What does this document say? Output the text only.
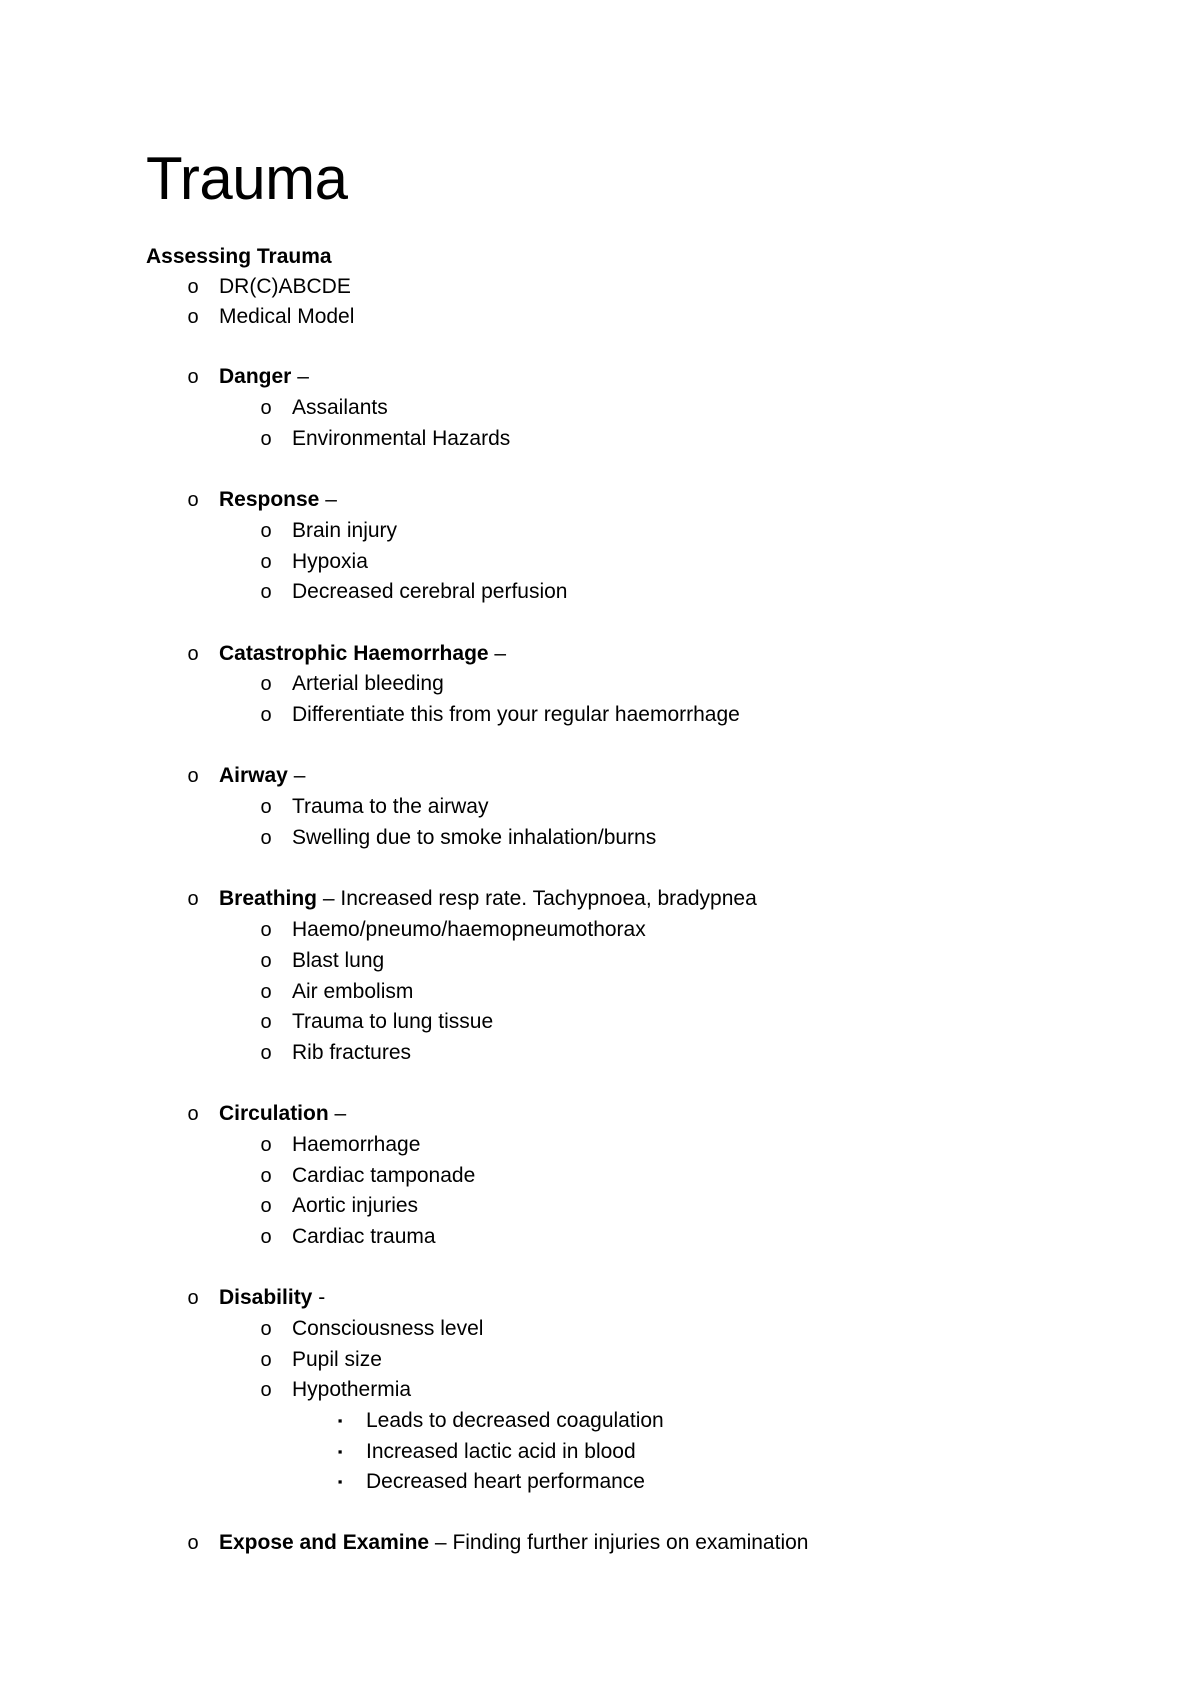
Trauma
Assessing Trauma
o DR(C)ABCDE
o Medical Model
o Danger –
o Assailants
o Environmental Hazards
o Response –
o Brain injury
o Hypoxia
o Decreased cerebral perfusion
o Catastrophic Haemorrhage –
o Arterial bleeding
o Differentiate this from your regular haemorrhage
o Airway –
o Trauma to the airway
o Swelling due to smoke inhalation/burns
o Breathing – Increased resp rate. Tachypnoea, bradypnea
o Haemo/pneumo/haemopneumothorax
o Blast lung
o Air embolism
o Trauma to lung tissue
o Rib fractures
o Circulation –
o Haemorrhage
o Cardiac tamponade
o Aortic injuries
o Cardiac trauma
o Disability -
o Consciousness level
o Pupil size
o Hypothermia
▪	Leads to decreased coagulation
▪	Increased lactic acid in blood
▪	Decreased heart performance
o Expose and Examine – Finding further injuries on examination
